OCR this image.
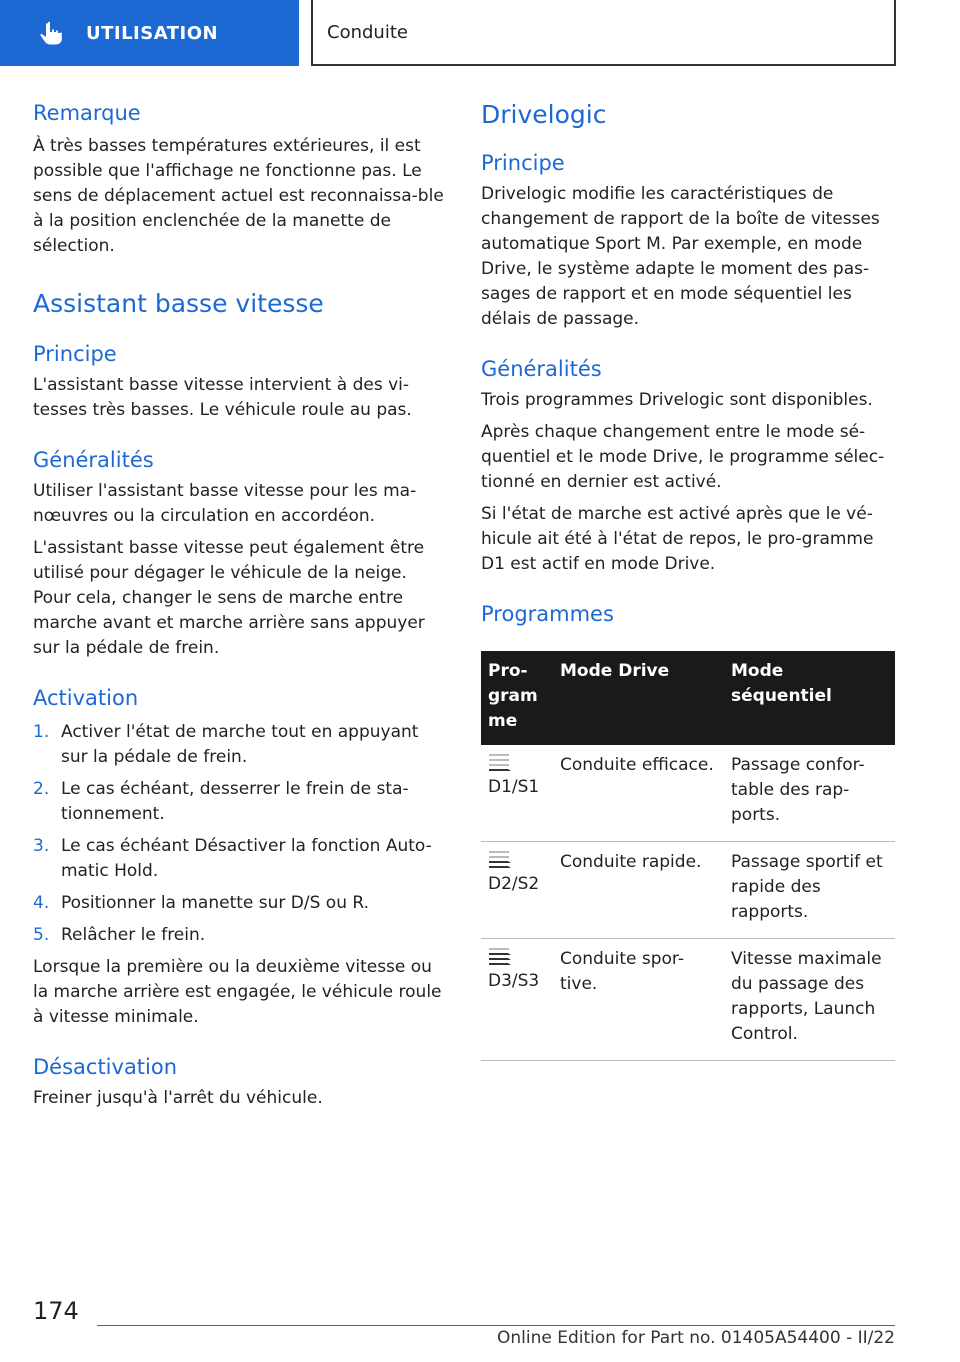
UTILISATION	Conduite
Remarque

À très basses températures extérieures, il est possible que l'affichage ne fonctionne pas. Le sens de déplacement actuel est reconnaissa-ble à la position enclenchée de la manette de sélection.

Assistant basse vitesse
Principe

L'assistant basse vitesse intervient à des vi-tesses très basses. Le véhicule roule au pas.

Généralités

Utiliser l'assistant basse vitesse pour les ma-nœuvres ou la circulation en accordéon.

L'assistant basse vitesse peut également être utilisé pour dégager le véhicule de la neige. Pour cela, changer le sens de marche entre marche avant et marche arrière sans appuyer sur la pédale de frein.

Activation
1. Activer l'état de marche tout en appuyant sur la pédale de frein.
2. Le cas échéant, desserrer le frein de sta-tionnement.
3. Le cas échéant Désactiver la fonction Auto-matic Hold.
4. Positionner la manette sur D/S ou R.
5. Relâcher le frein.

Lorsque la première ou la deuxième vitesse ou la marche arrière est engagée, le véhicule roule à vitesse minimale.

Désactivation

Freiner jusqu'à l'arrêt du véhicule.

Drivelogic
Principe

Drivelogic modifie les caractéristiques de changement de rapport de la boîte de vitesses automatique Sport M. Par exemple, en mode Drive, le système adapte le moment des pas-sages de rapport et en mode séquentiel les délais de passage.

Généralités

Trois programmes Drivelogic sont disponibles.

Après chaque changement entre le mode sé-quentiel et le mode Drive, le programme sélec-tionné en dernier est activé.

Si l'état de marche est activé après que le vé-hicule ait été à l'état de repos, le pro-gramme D1 est actif en mode Drive.

Programmes
Pro-gram me	Mode Drive	Mode séquentiel

D1/S1	Conduite efficace.	Passage confor-table des rap-ports.

D2/S2	Conduite rapide.	Passage sportif et rapide des rapports.

D3/S3	Conduite spor-tive.	Vitesse maximale du passage des rapports, Launch Control.
174
Online Edition for Part no. 01405A54400 - II/22
